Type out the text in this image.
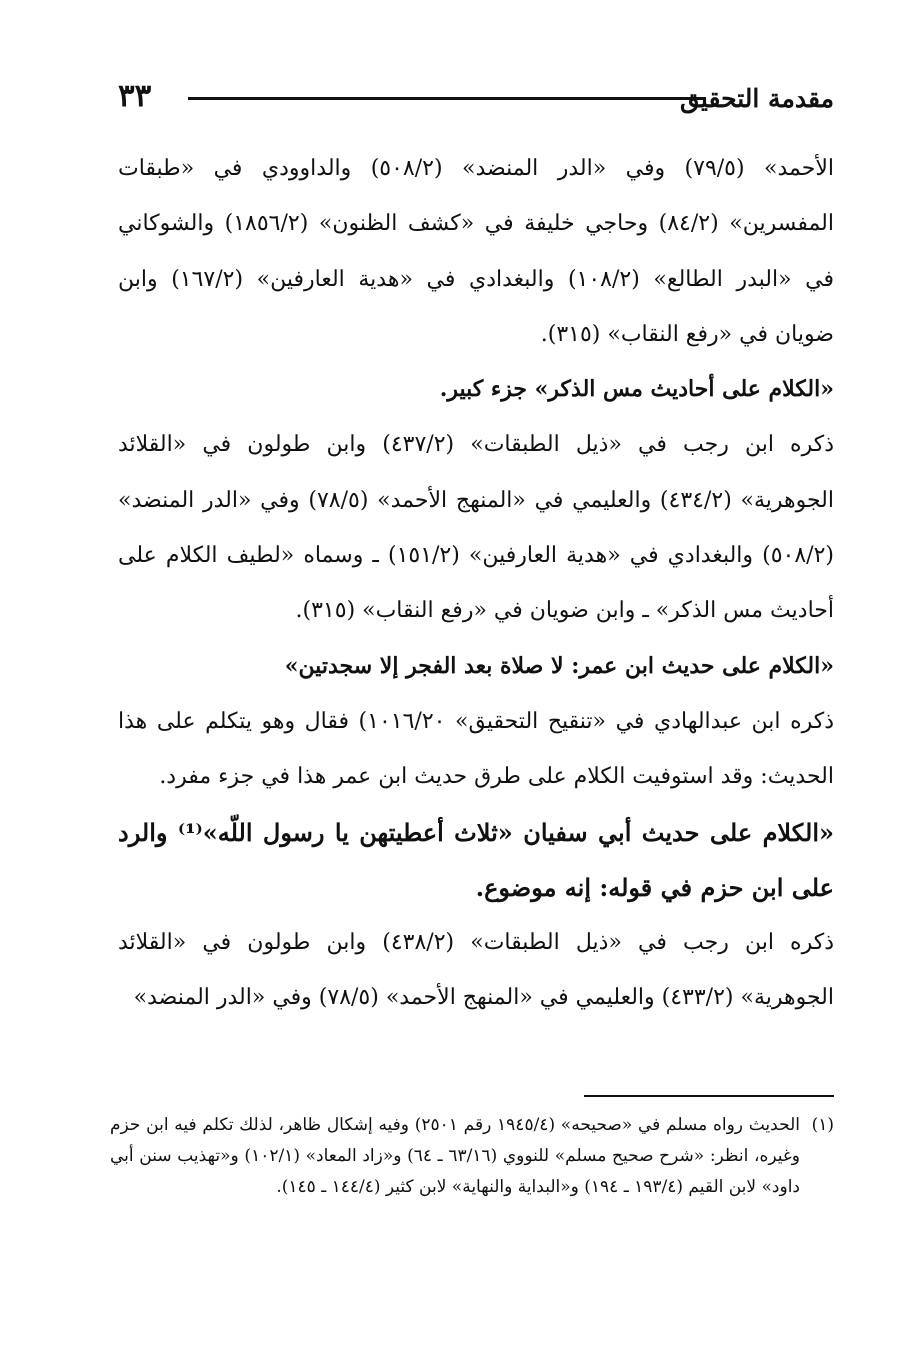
مقدمة التحقيق
٣٣

الأحمد» (٧٩/٥) وفي «الدر المنضد» (٥٠٨/٢) والداوودي في «طبقات المفسرين» (٨٤/٢) وحاجي خليفة في «كشف الظنون» (١٨٥٦/٢) والشوكاني في «البدر الطالع» (١٠٨/٢) والبغدادي في «هدية العارفين» (١٦٧/٢) وابن ضويان في «رفع النقاب» (٣١٥).

«الكلام على أحاديث مس الذكر» جزء كبير.

ذكره ابن رجب في «ذيل الطبقات» (٤٣٧/٢) وابن طولون في «القلائد الجوهرية» (٤٣٤/٢) والعليمي في «المنهج الأحمد» (٧٨/٥) وفي «الدر المنضد» (٥٠٨/٢) والبغدادي في «هدية العارفين» (١٥١/٢) ـ وسماه «لطيف الكلام على أحاديث مس الذكر» ـ وابن ضويان في «رفع النقاب» (٣١٥).

«الكلام على حديث ابن عمر: لا صلاة بعد الفجر إلا سجدتين»

ذكره ابن عبدالهادي في «تنقيح التحقيق» ١٠١٦/٢٠) فقال وهو يتكلم على هذا الحديث: وقد استوفيت الكلام على طرق حديث ابن عمر هذا في جزء مفرد.

«الكلام على حديث أبي سفيان «ثلاث أعطيتهن يا رسول اللّه»⁽¹⁾ والرد على ابن حزم في قوله: إنه موضوع.

ذكره ابن رجب في «ذيل الطبقات» (٤٣٨/٢) وابن طولون في «القلائد الجوهرية» (٤٣٣/٢) والعليمي في «المنهج الأحمد» (٧٨/٥) وفي «الدر المنضد»

(١)
الحديث رواه مسلم في «صحيحه» (١٩٤٥/٤ رقم ٢٥٠١) وفيه إشكال ظاهر، لذلك تكلم فيه ابن حزم وغيره، انظر: «شرح صحيح مسلم» للنووي (٦٣/١٦ ـ ٦٤) و«زاد المعاد» (١٠٢/١) و«تهذيب سنن أبي داود» لابن القيم (١٩٣/٤ ـ ١٩٤) و«البداية والنهاية» لابن كثير (١٤٤/٤ ـ ١٤٥).
